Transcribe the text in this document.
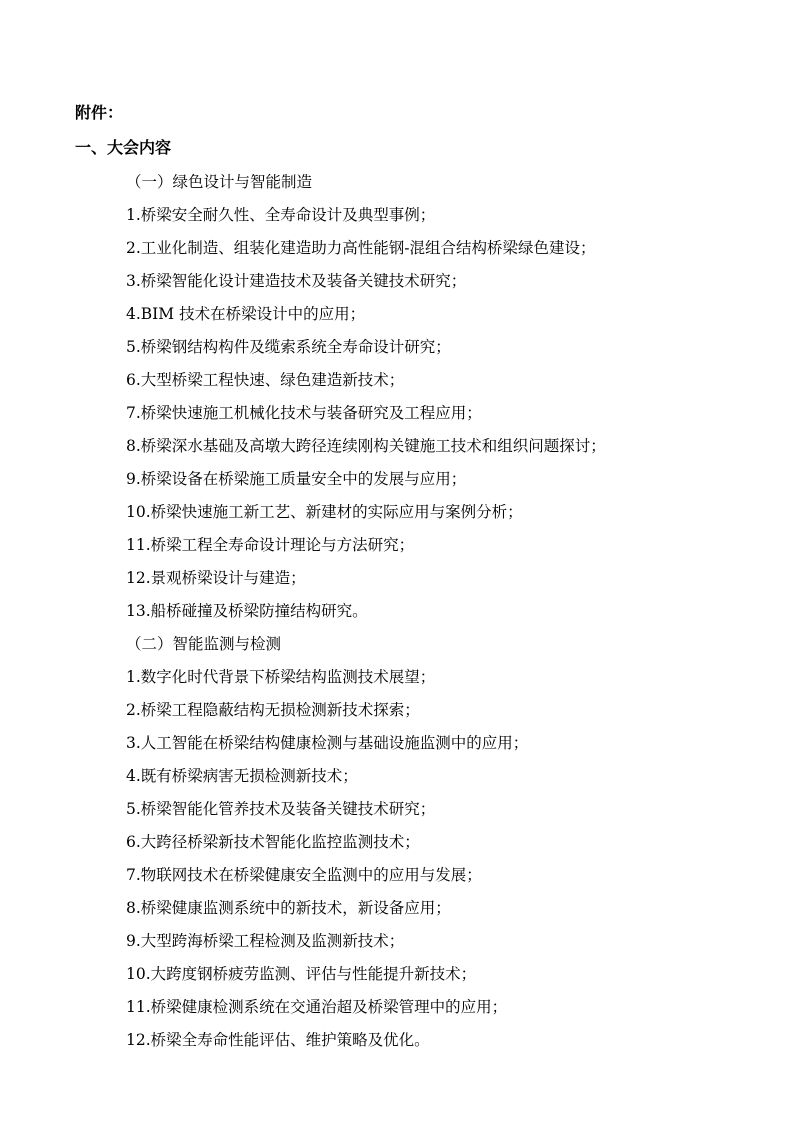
附件：
一、大会内容
（一）绿色设计与智能制造
1.桥梁安全耐久性、全寿命设计及典型事例；
2.工业化制造、组装化建造助力高性能钢-混组合结构桥梁绿色建设；
3.桥梁智能化设计建造技术及装备关键技术研究；
4.BIM 技术在桥梁设计中的应用；
5.桥梁钢结构构件及缆索系统全寿命设计研究；
6.大型桥梁工程快速、绿色建造新技术；
7.桥梁快速施工机械化技术与装备研究及工程应用；
8.桥梁深水基础及高墩大跨径连续刚构关键施工技术和组织问题探讨；
9.桥梁设备在桥梁施工质量安全中的发展与应用；
10.桥梁快速施工新工艺、新建材的实际应用与案例分析；
11.桥梁工程全寿命设计理论与方法研究；
12.景观桥梁设计与建造；
13.船桥碰撞及桥梁防撞结构研究。
（二）智能监测与检测
1.数字化时代背景下桥梁结构监测技术展望；
2.桥梁工程隐蔽结构无损检测新技术探索；
3.人工智能在桥梁结构健康检测与基础设施监测中的应用；
4.既有桥梁病害无损检测新技术；
5.桥梁智能化管养技术及装备关键技术研究；
6.大跨径桥梁新技术智能化监控监测技术；
7.物联网技术在桥梁健康安全监测中的应用与发展；
8.桥梁健康监测系统中的新技术，新设备应用；
9.大型跨海桥梁工程检测及监测新技术；
10.大跨度钢桥疲劳监测、评估与性能提升新技术；
11.桥梁健康检测系统在交通治超及桥梁管理中的应用；
12.桥梁全寿命性能评估、维护策略及优化。
